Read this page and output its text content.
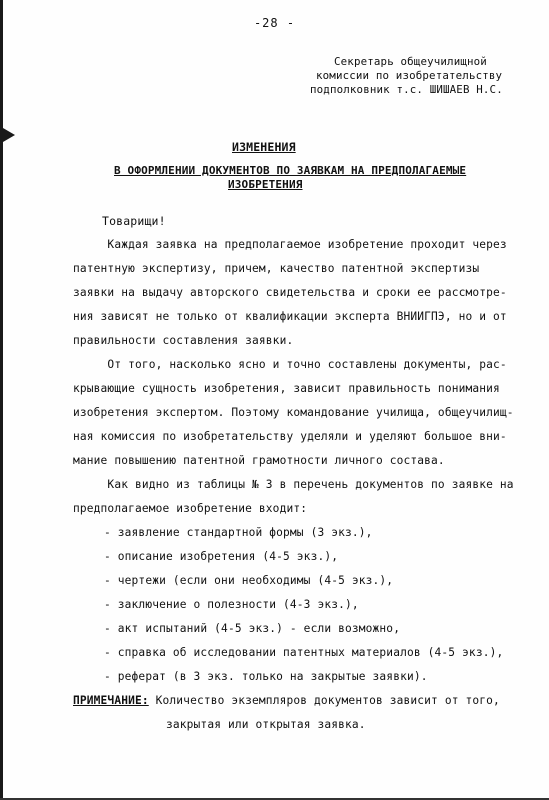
-28 -
Секретарь общеучилищной
комиссии по изобретательству
подполковник т.с. ШИШАЕВ Н.С.
ИЗМЕНЕНИЯ
В ОФОРМЛЕНИИ ДОКУМЕНТОВ ПО ЗАЯВКАМ НА ПРЕДПОЛАГАЕМЫЕ
ИЗОБРЕТЕНИЯ
Товарищи!
Каждая заявка на предполагаемое изобретение проходит через
патентную экспертизу, причем, качество патентной экспертизы
заявки на выдачу авторского свидетельства и сроки ее рассмотре-
ния зависят не только от квалификации эксперта ВНИИГПЭ, но и от
правильности составления заявки.
От того, насколько ясно и точно составлены документы, рас-
крывающие сущность изобретения, зависит правильность понимания
изобретения экспертом. Поэтому командование училища, общеучилищ-
ная комиссия по изобретательству уделяли и уделяют большое вни-
мание повышению патентной грамотности личного состава.
Как видно из таблицы № 3 в перечень документов по заявке на
предполагаемое изобретение входит:
- заявление стандартной формы (3 экз.),
- описание изобретения (4-5 экз.),
- чертежи (если они необходимы (4-5 экз.),
- заключение о полезности (4-3 экз.),
- акт испытаний (4-5 экз.) - если возможно,
- справка об исследовании патентных материалов (4-5 экз.),
- реферат (в 3 экз. только на закрытые заявки).
ПРИМЕЧАНИЕ: Количество экземпляров документов зависит от того,
закрытая или открытая заявка.
